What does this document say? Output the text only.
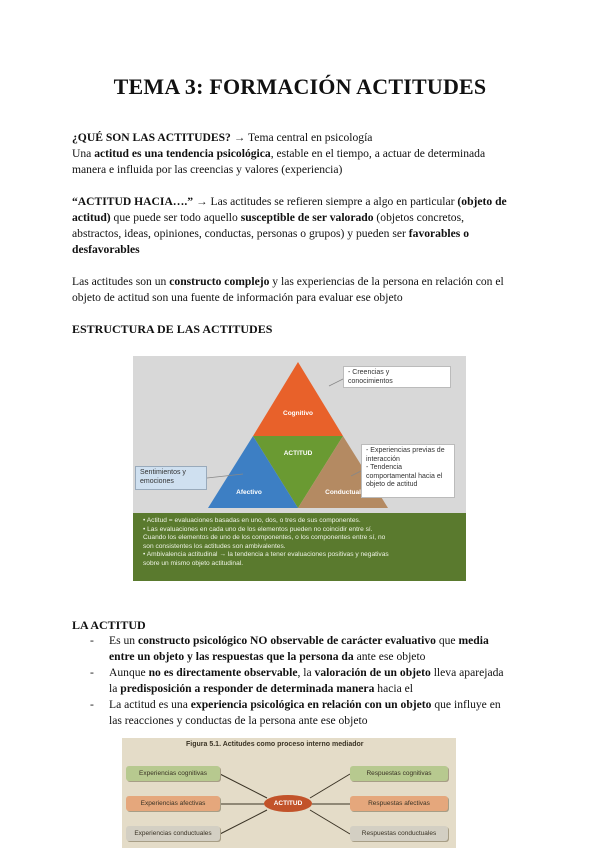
TEMA 3: FORMACIÓN ACTITUDES

¿QUÉ SON LAS ACTITUDES? → Tema central en psicología
Una actitud es una tendencia psicológica, estable en el tiempo, a actuar de determinada
manera e influida por las creencias y valores (experiencia)

“ACTITUD HACIA….” → Las actitudes se refieren siempre a algo en particular (objeto de
actitud) que puede ser todo aquello susceptible de ser valorado (objetos concretos,
abstractos, ideas, opiniones, conductas, personas o grupos) y pueden ser favorables o
desfavorables

Las actitudes son un constructo complejo y las experiencias de la persona en relación con el
objeto de actitud son una fuente de información para evaluar ese objeto

ESTRUCTURA DE LAS ACTITUDES

- Creencias y
conocimientos
Sentimientos y
emociones
- Experiencias previas de
interacción
- Tendencia
comportamental hacia el
objeto de actitud
Cognitivo
ACTITUD
Afectivo	Conductual
• Actitud = evaluaciones basadas en uno, dos, o tres de sus componentes.
• Las evaluaciones en cada uno de los elementos pueden no coincidir entre sí.
Cuando los elementos de uno de los componentes, o los componentes entre sí, no
son consistentes los actitudes son ambivalentes.
• Ambivalencia actitudinal → la tendencia a tener evaluaciones positivas y negativas
sobre un mismo objeto actitudinal.

LA ACTITUD

- Es un constructo psicológico NO observable de carácter evaluativo que media
entre un objeto y las respuestas que la persona da ante ese objeto
- Aunque no es directamente observable, la valoración de un objeto lleva aparejada
la predisposición a responder de determinada manera hacia el
- La actitud es una experiencia psicológica en relación con un objeto que influye en
las reacciones y conductas de la persona ante ese objeto
Figura 5.1. Actitudes como proceso interno mediador
Experiencias cognitivas
Experiencias afectivas
Experiencias conductuales
ACTITUD
Respuestas cognitivas
Respuestas afectivas
Respuestas conductuales
